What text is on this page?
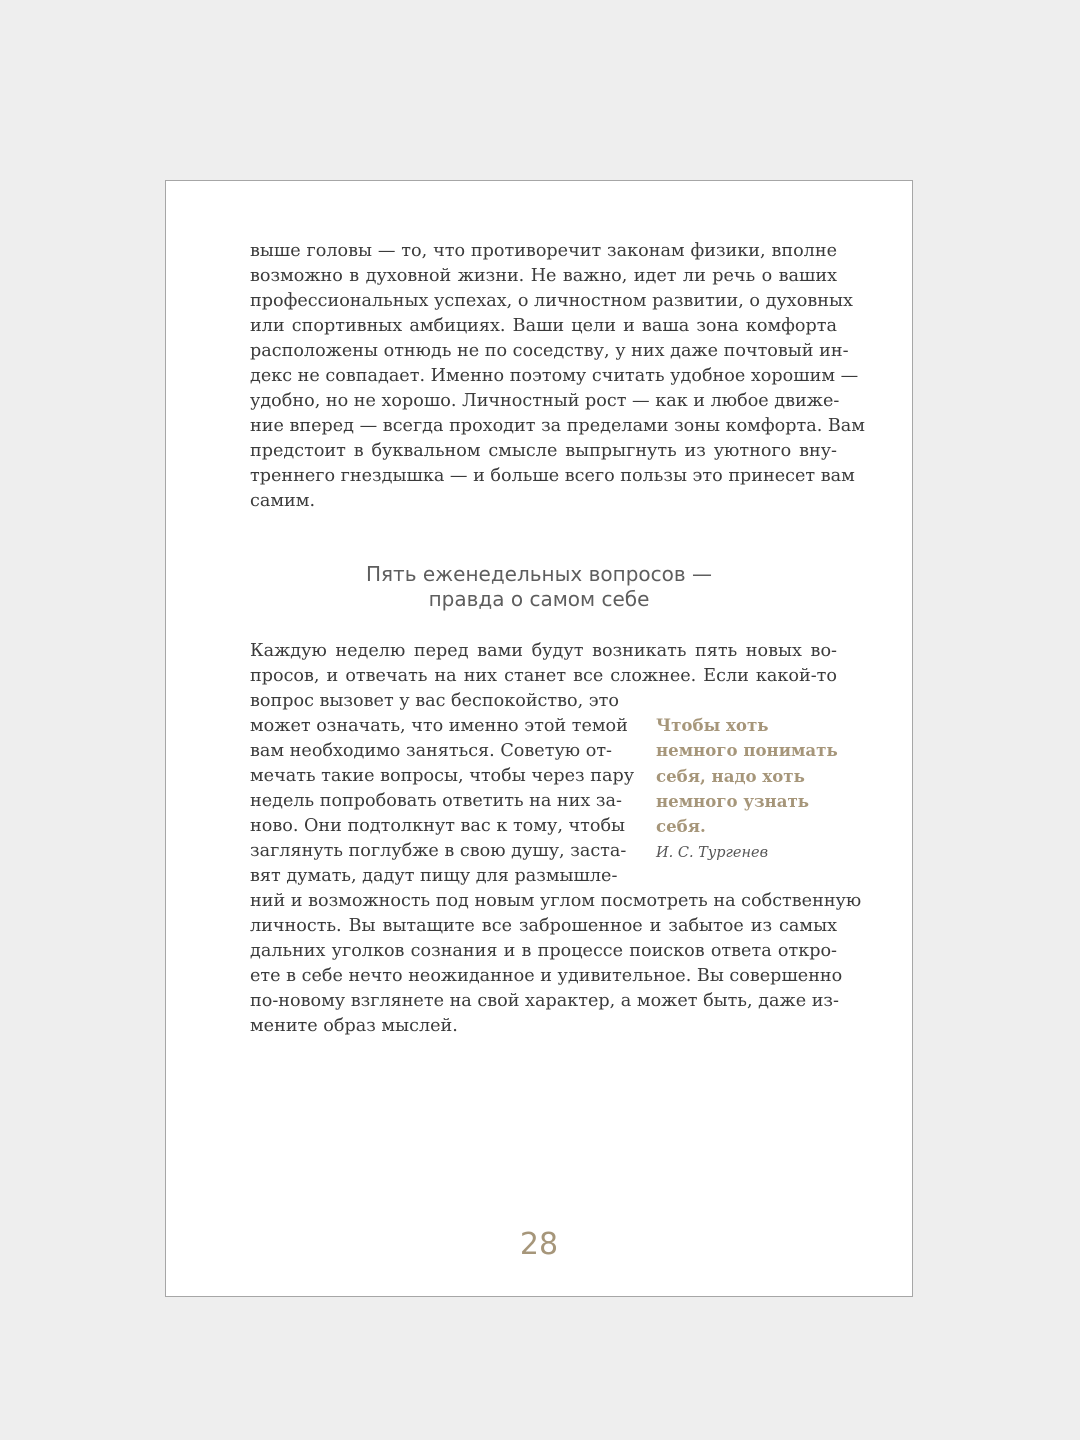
выше головы — то, что противоречит законам физики, вполне
возможно в духовной жизни. Не важно, идет ли речь о ваших
профессиональных успехах, о личностном развитии, о духовных
или спортивных амбициях. Ваши цели и ваша зона комфорта
расположены отнюдь не по соседству, у них даже почтовый ин-
декс не совпадает. Именно поэтому считать удобное хорошим —
удобно, но не хорошо. Личностный рост — как и любое движе-
ние вперед — всегда проходит за пределами зоны комфорта. Вам
предстоит в буквальном смысле выпрыгнуть из уютного вну-
треннего гнездышка — и больше всего пользы это принесет вам
самим.
Пять еженедельных вопросов —
правда о самом себе
Каждую неделю перед вами будут возникать пять новых во-
просов, и отвечать на них станет все сложнее. Если какой-то
вопрос вызовет у вас беспокойство, это
может означать, что именно этой темой
вам необходимо заняться. Советую от-
мечать такие вопросы, чтобы через пару
недель попробовать ответить на них за-
ново. Они подтолкнут вас к тому, чтобы
заглянуть поглубже в свою душу, заста-
вят думать, дадут пищу для размышле-
ний и возможность под новым углом посмотреть на собственную
личность. Вы вытащите все заброшенное и забытое из самых
дальних уголков сознания и в процессе поисков ответа откро-
ете в себе нечто неожиданное и удивительное. Вы совершенно
по-новому взглянете на свой характер, а может быть, даже из-
мените образ мыслей.
Чтобы хоть
немного понимать
себя, надо хоть
немного узнать
себя.
И. С. Тургенев
28
